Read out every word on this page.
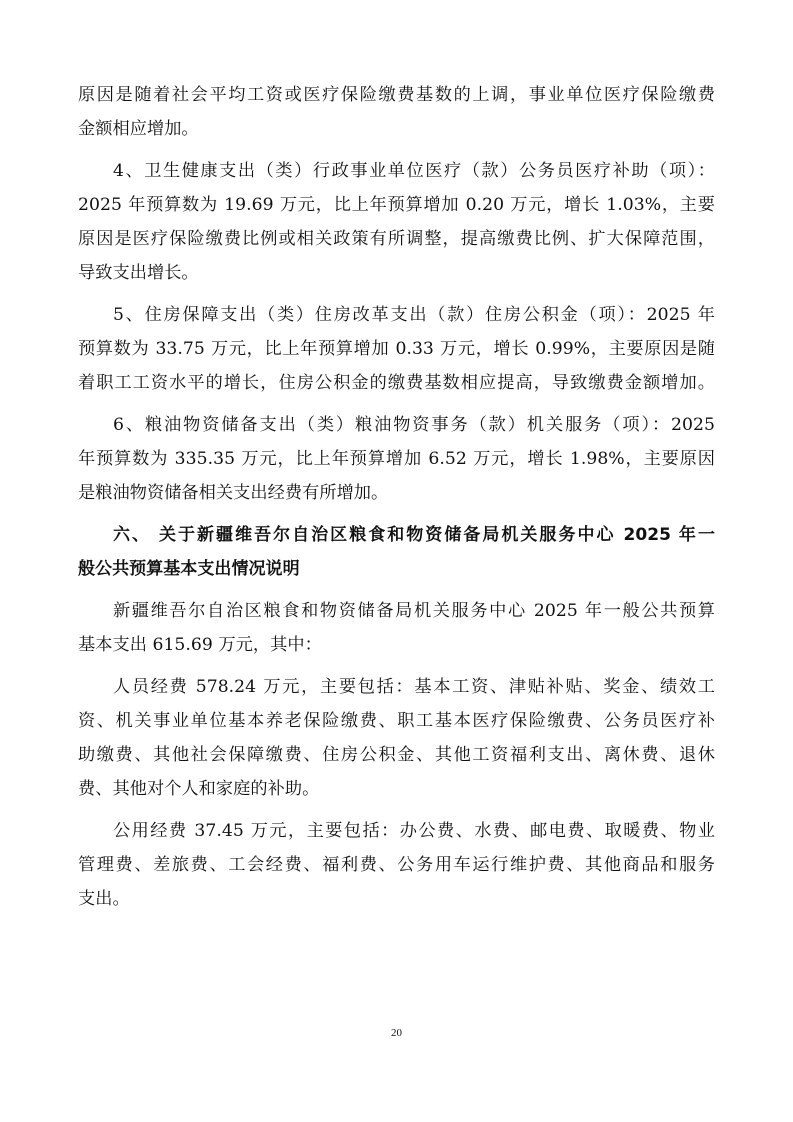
原因是随着社会平均工资或医疗保险缴费基数的上调，事业单位医疗保险缴费
金额相应增加。
4、卫生健康支出（类）行政事业单位医疗（款）公务员医疗补助（项）：
2025 年预算数为 19.69 万元，比上年预算增加 0.20 万元，增长 1.03%，主要
原因是医疗保险缴费比例或相关政策有所调整，提高缴费比例、扩大保障范围，
导致支出增长。
5、住房保障支出（类）住房改革支出（款）住房公积金（项）：2025 年
预算数为 33.75 万元，比上年预算增加 0.33 万元，增长 0.99%，主要原因是随
着职工工资水平的增长，住房公积金的缴费基数相应提高，导致缴费金额增加。
6、粮油物资储备支出（类）粮油物资事务（款）机关服务（项）：2025
年预算数为 335.35 万元，比上年预算增加 6.52 万元，增长 1.98%，主要原因
是粮油物资储备相关支出经费有所增加。
六、 关于新疆维吾尔自治区粮食和物资储备局机关服务中心 2025 年一
般公共预算基本支出情况说明
新疆维吾尔自治区粮食和物资储备局机关服务中心 2025 年一般公共预算
基本支出 615.69 万元，其中：
人员经费 578.24 万元，主要包括：基本工资、津贴补贴、奖金、绩效工
资、机关事业单位基本养老保险缴费、职工基本医疗保险缴费、公务员医疗补
助缴费、其他社会保障缴费、住房公积金、其他工资福利支出、离休费、退休
费、其他对个人和家庭的补助。
公用经费 37.45 万元，主要包括：办公费、水费、邮电费、取暖费、物业
管理费、差旅费、工会经费、福利费、公务用车运行维护费、其他商品和服务
支出。
20
